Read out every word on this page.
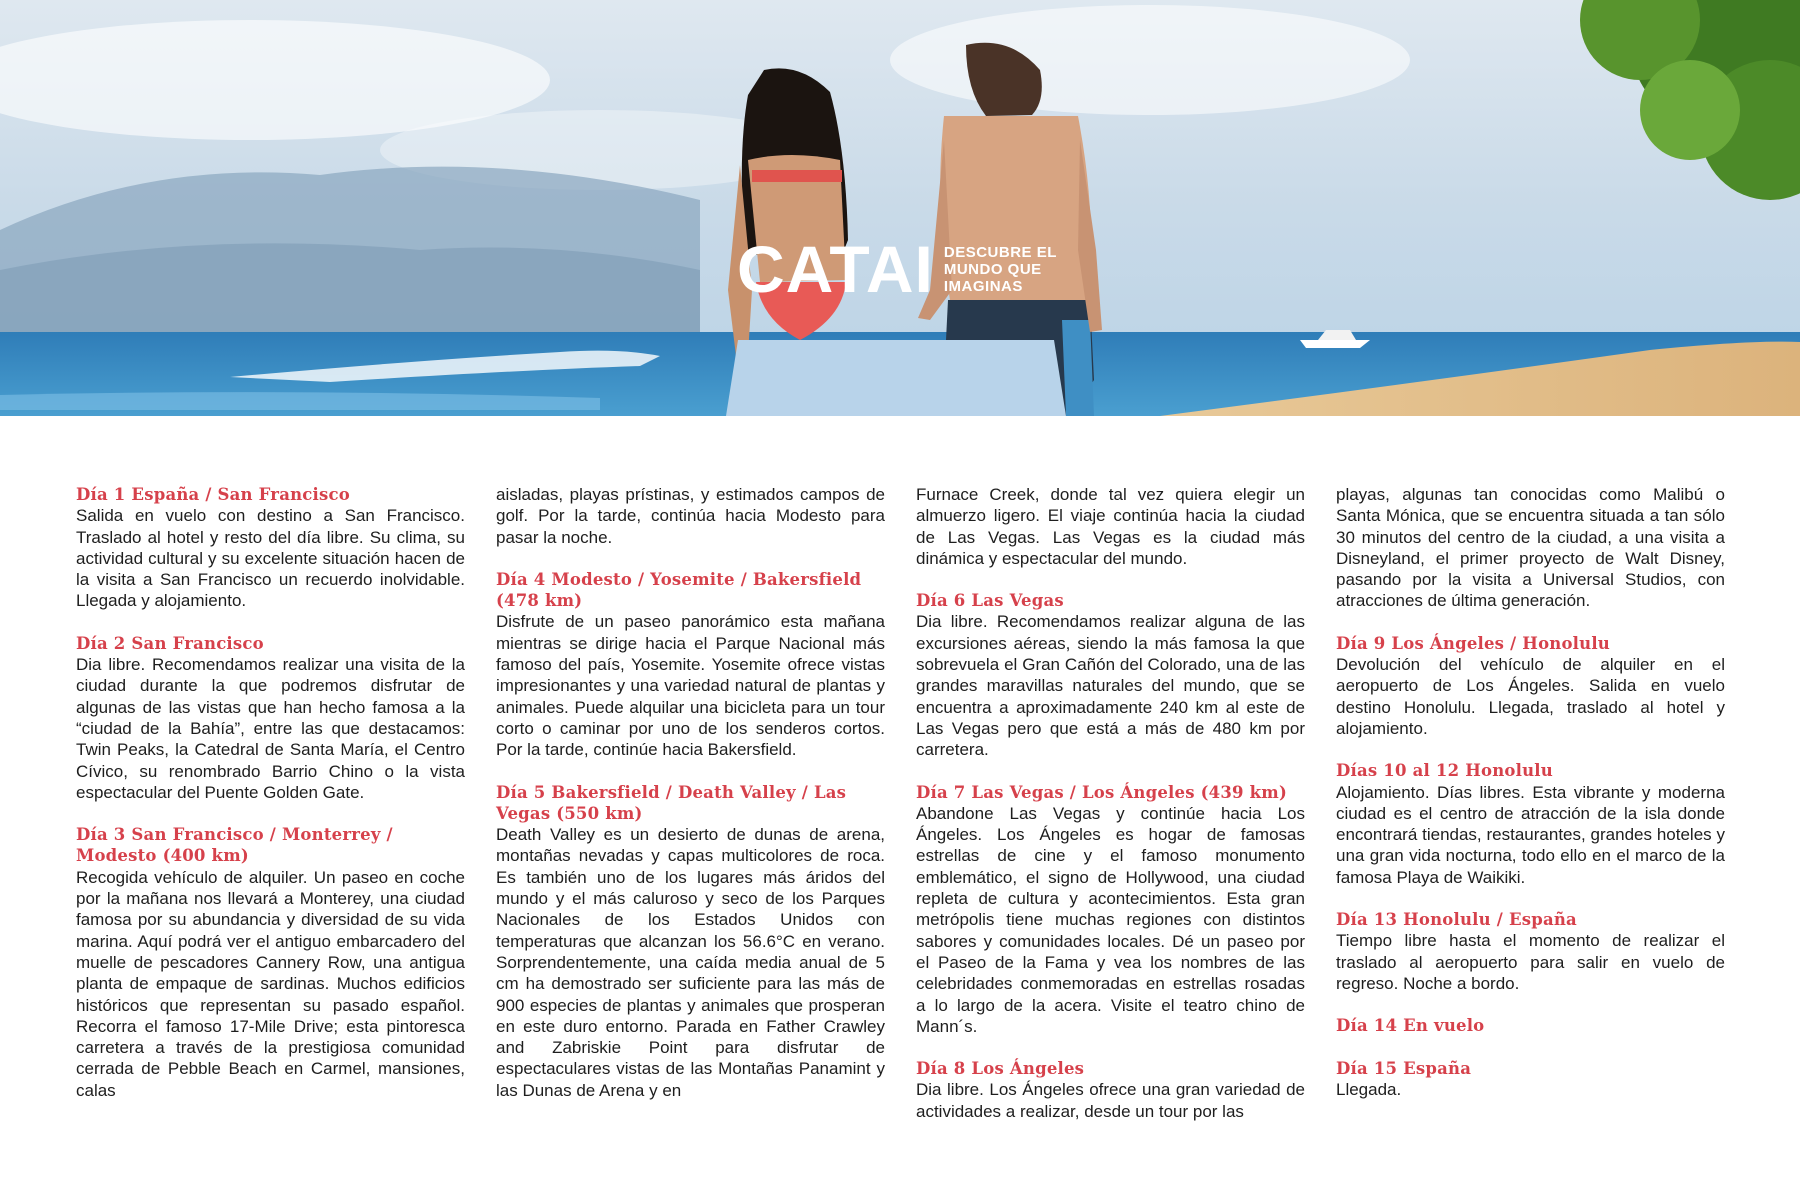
CATAI DESCUBRE EL
MUNDO QUE
IMAGINAS
Día 1 España / San Francisco

Salida en vuelo con destino a San Francisco. Traslado al hotel y resto del día libre. Su clima, su actividad cultural y su excelente situación hacen de la visita a San Francisco un recuerdo inolvidable. Llegada y alojamiento.

Día 2 San Francisco

Dia libre. Recomendamos realizar una visita de la ciudad durante la que podremos disfrutar de algunas de las vistas que han hecho famosa a la “ciudad de la Bahía”, entre las que destacamos: Twin Peaks, la Catedral de Santa María, el Centro Cívico, su renombrado Barrio Chino o la vista espectacular del Puente Golden Gate.

Día 3 San Francisco / Monterrey / Modesto (400 km)

Recogida vehículo de alquiler. Un paseo en coche por la mañana nos llevará a Monterey, una ciudad famosa por su abundancia y diversidad de su vida marina. Aquí podrá ver el antiguo embarcadero del muelle de pescadores Cannery Row, una antigua planta de empaque de sardinas. Muchos edificios históricos que representan su pasado español. Recorra el famoso 17-Mile Drive; esta pintoresca carretera a través de la prestigiosa comunidad cerrada de Pebble Beach en Carmel, mansiones, calas

aisladas, playas prístinas, y estimados campos de golf. Por la tarde, continúa hacia Modesto para pasar la noche.

Día 4 Modesto / Yosemite / Bakersfield (478 km)

Disfrute de un paseo panorámico esta mañana mientras se dirige hacia el Parque Nacional más famoso del país, Yosemite. Yosemite ofrece vistas impresionantes y una variedad natural de plantas y animales. Puede alquilar una bicicleta para un tour corto o caminar por uno de los senderos cortos. Por la tarde, continúe hacia Bakersfield.

Día 5 Bakersfield / Death Valley / Las Vegas (550 km)

Death Valley es un desierto de dunas de arena, montañas nevadas y capas multicolores de roca. Es también uno de los lugares más áridos del mundo y el más caluroso y seco de los Parques Nacionales de los Estados Unidos con temperaturas que alcanzan los 56.6°C en verano. Sorprendentemente, una caída media anual de 5 cm ha demostrado ser suficiente para las más de 900 especies de plantas y animales que prosperan en este duro entorno. Parada en Father Crawley and Zabriskie Point para disfrutar de espectaculares vistas de las Montañas Panamint y las Dunas de Arena y en

Furnace Creek, donde tal vez quiera elegir un almuerzo ligero. El viaje continúa hacia la ciudad de Las Vegas. Las Vegas es la ciudad más dinámica y espectacular del mundo.

Día 6 Las Vegas

Dia libre. Recomendamos realizar alguna de las excursiones aéreas, siendo la más famosa la que sobrevuela el Gran Cañón del Colorado, una de las grandes maravillas naturales del mundo, que se encuentra a aproximadamente 240 km al este de Las Vegas pero que está a más de 480 km por carretera.

Día 7 Las Vegas / Los Ángeles (439 km)

Abandone Las Vegas y continúe hacia Los Ángeles. Los Ángeles es hogar de famosas estrellas de cine y el famoso monumento emblemático, el signo de Hollywood, una ciudad repleta de cultura y acontecimientos. Esta gran metrópolis tiene muchas regiones con distintos sabores y comunidades locales. Dé un paseo por el Paseo de la Fama y vea los nombres de las celebridades conmemoradas en estrellas rosadas a lo largo de la acera. Visite el teatro chino de Mann´s.

Día 8 Los Ángeles

Dia libre. Los Ángeles ofrece una gran variedad de actividades a realizar, desde un tour por las

playas, algunas tan conocidas como Malibú o Santa Mónica, que se encuentra situada a tan sólo 30 minutos del centro de la ciudad, a una visita a Disneyland, el primer proyecto de Walt Disney, pasando por la visita a Universal Studios, con atracciones de última generación.

Día 9 Los Ángeles / Honolulu

Devolución del vehículo de alquiler en el aeropuerto de Los Ángeles. Salida en vuelo destino Honolulu. Llegada, traslado al hotel y alojamiento.

Días 10 al 12 Honolulu

Alojamiento. Días libres. Esta vibrante y moderna ciudad es el centro de atracción de la isla donde encontrará tiendas, restaurantes, grandes hoteles y una gran vida nocturna, todo ello en el marco de la famosa Playa de Waikiki.

Día 13 Honolulu / España

Tiempo libre hasta el momento de realizar el traslado al aeropuerto para salir en vuelo de regreso. Noche a bordo.

Día 14 En vuelo
Día 15 España

Llegada.
